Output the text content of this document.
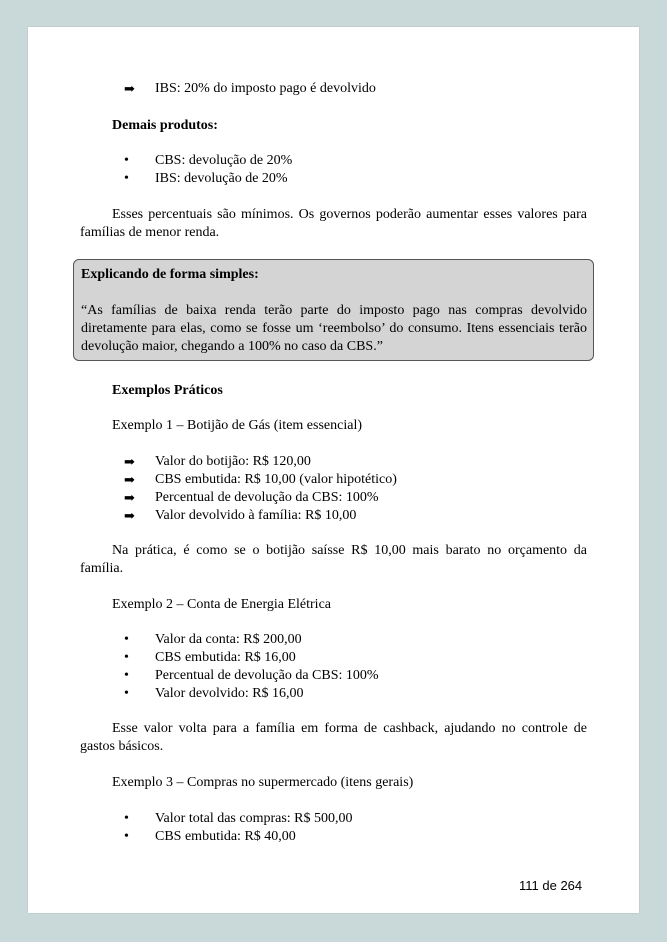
➡ IBS: 20% do imposto pago é devolvido
Demais produtos:
• CBS: devolução de 20%
• IBS: devolução de 20%
Esses percentuais são mínimos. Os governos poderão aumentar esses valores para famílias de menor renda.
Explicando de forma simples:
“As famílias de baixa renda terão parte do imposto pago nas compras devolvido diretamente para elas, como se fosse um ‘reembolso’ do consumo. Itens essenciais terão devolução maior, chegando a 100% no caso da CBS.”
Exemplos Práticos
Exemplo 1 – Botijão de Gás (item essencial)
➡ Valor do botijão: R$ 120,00
➡ CBS embutida: R$ 10,00 (valor hipotético)
➡ Percentual de devolução da CBS: 100%
➡ Valor devolvido à família: R$ 10,00
Na prática, é como se o botijão saísse R$ 10,00 mais barato no orçamento da família.
Exemplo 2 – Conta de Energia Elétrica
• Valor da conta: R$ 200,00
• CBS embutida: R$ 16,00
• Percentual de devolução da CBS: 100%
• Valor devolvido: R$ 16,00
Esse valor volta para a família em forma de cashback, ajudando no controle de gastos básicos.
Exemplo 3 – Compras no supermercado (itens gerais)
• Valor total das compras: R$ 500,00
• CBS embutida: R$ 40,00
111 de 264
